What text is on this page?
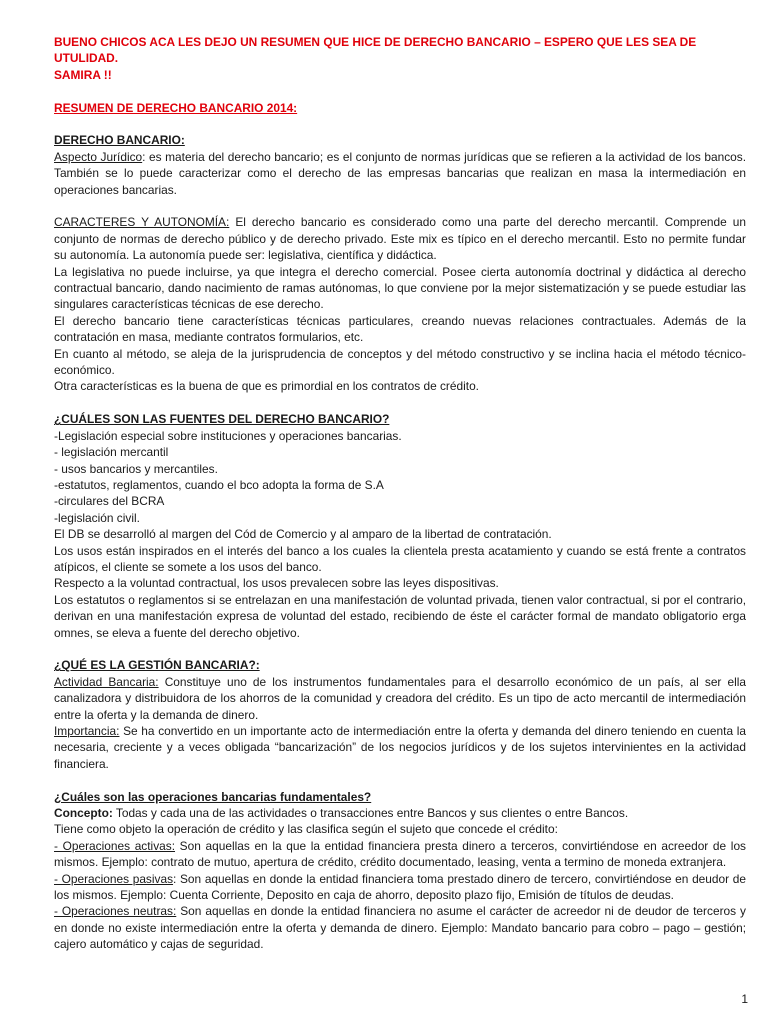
BUENO CHICOS ACA LES DEJO UN RESUMEN QUE HICE DE DERECHO BANCARIO – ESPERO QUE LES SEA DE UTULIDAD.

SAMIRA !!

RESUMEN DE DERECHO BANCARIO 2014:

DERECHO BANCARIO:

Aspecto Jurídico: es materia del derecho bancario; es el conjunto de normas jurídicas que se refieren a la actividad de los bancos. También se lo puede caracterizar como el derecho de las empresas bancarias que realizan en masa la intermediación en operaciones bancarias.

CARACTERES Y AUTONOMÍA: El derecho bancario es considerado como una parte del derecho mercantil. Comprende un conjunto de normas de derecho público y de derecho privado. Este mix es típico en el derecho mercantil. Esto no permite fundar su autonomía. La autonomía puede ser: legislativa, científica y didáctica.

La legislativa no puede incluirse, ya que integra el derecho comercial. Posee cierta autonomía doctrinal y didáctica al derecho contractual bancario, dando nacimiento de ramas autónomas, lo que conviene por la mejor sistematización y se puede estudiar las singulares características técnicas de ese derecho.

El derecho bancario tiene características técnicas particulares, creando nuevas relaciones contractuales. Además de la contratación en masa, mediante contratos formularios, etc.

En cuanto al método, se aleja de la jurisprudencia de conceptos y del método constructivo y se inclina hacia el método técnico- económico.

Otra características es la buena de que es primordial en los contratos de crédito.

¿CUÁLES SON LAS FUENTES DEL DERECHO BANCARIO?

-Legislación especial sobre instituciones y operaciones bancarias.

- legislación mercantil

- usos bancarios y mercantiles.

-estatutos, reglamentos, cuando el bco adopta la forma de S.A

-circulares del BCRA

-legislación civil.

El DB se desarrolló al margen del Cód de Comercio y al amparo de la libertad de contratación.

Los usos están inspirados en el interés del banco a los cuales la clientela presta acatamiento y cuando se está frente a contratos atípicos, el cliente se somete a los usos del banco.

Respecto a la voluntad contractual, los usos prevalecen sobre las leyes dispositivas.

Los estatutos o reglamentos si se entrelazan en una manifestación de voluntad privada, tienen valor contractual, si por el contrario, derivan en una manifestación expresa de voluntad del estado, recibiendo de éste el carácter formal de mandato obligatorio erga omnes, se eleva a fuente del derecho objetivo.

¿QUÉ ES LA GESTIÓN BANCARIA?:

Actividad Bancaria: Constituye uno de los instrumentos fundamentales para el desarrollo económico de un país, al ser ella canalizadora y distribuidora de los ahorros de la comunidad y creadora del crédito. Es un tipo de acto mercantil de intermediación entre la oferta y la demanda de dinero.

Importancia: Se ha convertido en un importante acto de intermediación entre la oferta y demanda del dinero teniendo en cuenta la necesaria, creciente y a veces obligada “bancarización” de los negocios jurídicos y de los sujetos intervinientes en la actividad financiera.

¿Cuáles son las operaciones bancarias fundamentales?

Concepto: Todas y cada una de las actividades o transacciones entre Bancos y sus clientes o entre Bancos.

Tiene como objeto la operación de crédito y las clasifica según el sujeto que concede el crédito:

- Operaciones activas: Son aquellas en la que la entidad financiera presta dinero a terceros, convirtiéndose en acreedor de los mismos. Ejemplo: contrato de mutuo, apertura de crédito, crédito documentado, leasing, venta a termino de moneda extranjera.

- Operaciones pasivas: Son aquellas en donde la entidad financiera toma prestado dinero de tercero, convirtiéndose en deudor de los mismos. Ejemplo: Cuenta Corriente, Deposito en caja de ahorro, deposito plazo fijo, Emisión de títulos de deudas.

- Operaciones neutras: Son aquellas en donde la entidad financiera no asume el carácter de acreedor ni de deudor de terceros y en donde no existe intermediación entre la oferta y demanda de dinero. Ejemplo: Mandato bancario para cobro – pago – gestión; cajero automático y cajas de seguridad.

1
